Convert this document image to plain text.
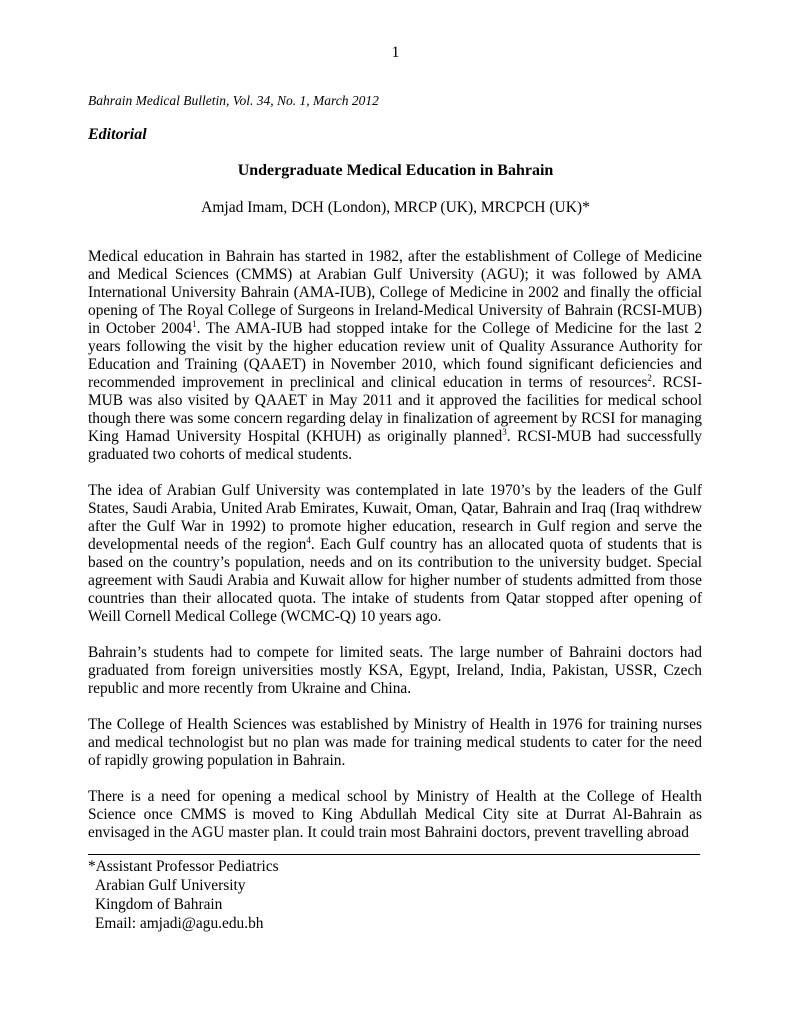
1
Bahrain Medical Bulletin, Vol. 34, No. 1, March 2012
Editorial
Undergraduate Medical Education in Bahrain
Amjad Imam, DCH (London), MRCP (UK), MRCPCH (UK)*

Medical education in Bahrain has started in 1982, after the establishment of College of Medicine and Medical Sciences (CMMS) at Arabian Gulf University (AGU); it was followed by AMA International University Bahrain (AMA-IUB), College of Medicine in 2002 and finally the official opening of The Royal College of Surgeons in Ireland-Medical University of Bahrain (RCSI-MUB) in October 2004$^1$. The AMA-IUB had stopped intake for the College of Medicine for the last 2 years following the visit by the higher education review unit of Quality Assurance Authority for Education and Training (QAAET) in November 2010, which found significant deficiencies and recommended improvement in preclinical and clinical education in terms of resources$^2$. RCSI-MUB was also visited by QAAET in May 2011 and it approved the facilities for medical school though there was some concern regarding delay in finalization of agreement by RCSI for managing King Hamad University Hospital (KHUH) as originally planned$^3$. RCSI-MUB had successfully graduated two cohorts of medical students.

The idea of Arabian Gulf University was contemplated in late 1970’s by the leaders of the Gulf States, Saudi Arabia, United Arab Emirates, Kuwait, Oman, Qatar, Bahrain and Iraq (Iraq withdrew after the Gulf War in 1992) to promote higher education, research in Gulf region and serve the developmental needs of the region$^4$. Each Gulf country has an allocated quota of students that is based on the country’s population, needs and on its contribution to the university budget. Special agreement with Saudi Arabia and Kuwait allow for higher number of students admitted from those countries than their allocated quota. The intake of students from Qatar stopped after opening of Weill Cornell Medical College (WCMC-Q) 10 years ago.

Bahrain’s students had to compete for limited seats. The large number of Bahraini doctors had graduated from foreign universities mostly KSA, Egypt, Ireland, India, Pakistan, USSR, Czech republic and more recently from Ukraine and China.

The College of Health Sciences was established by Ministry of Health in 1976 for training nurses and medical technologist but no plan was made for training medical students to cater for the need of rapidly growing population in Bahrain.

There is a need for opening a medical school by Ministry of Health at the College of Health Science once CMMS is moved to King Abdullah Medical City site at Durrat Al-Bahrain as envisaged in the AGU master plan. It could train most Bahraini doctors, prevent travelling abroad

*Assistant Professor Pediatrics
Arabian Gulf University
Kingdom of Bahrain
Email: amjadi@agu.edu.bh
